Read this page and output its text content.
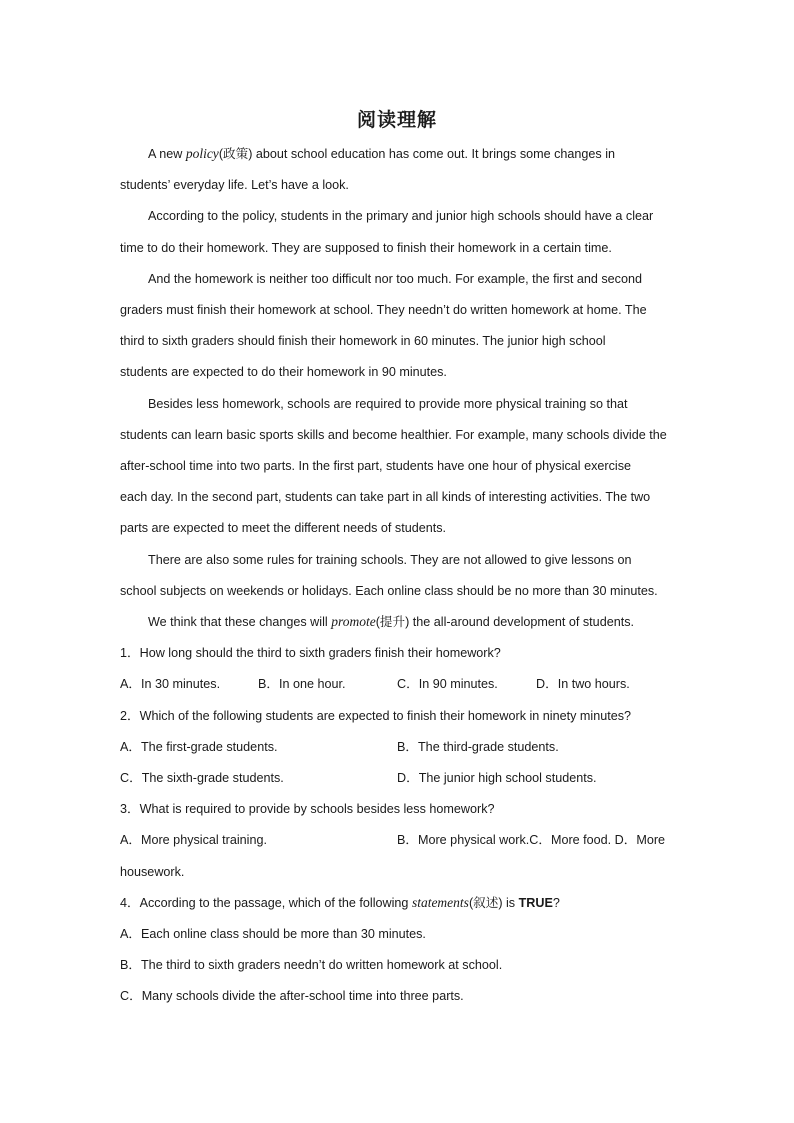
阅读理解
A new policy(政策) about school education has come out. It brings some changes in
students’ everyday life. Let’s have a look.
According to the policy, students in the primary and junior high schools should have a clear
time to do their homework. They are supposed to finish their homework in a certain time.
And the homework is neither too difficult nor too much. For example, the first and second
graders must finish their homework at school. They needn’t do written homework at home. The
third to sixth graders should finish their homework in 60 minutes. The junior high school
students are expected to do their homework in 90 minutes.
Besides less homework, schools are required to provide more physical training so that
students can learn basic sports skills and become healthier. For example, many schools divide the
after-school time into two parts. In the first part, students have one hour of physical exercise
each day. In the second part, students can take part in all kinds of interesting activities. The two
parts are expected to meet the different needs of students.
There are also some rules for training schools. They are not allowed to give lessons on
school subjects on weekends or holidays. Each online class should be no more than 30 minutes.
We think that these changes will promote(提升) the all-around development of students.
1．How long should the third to sixth graders finish their homework?
A．In 30 minutes.	B．In one hour.	C．In 90 minutes.	D．In two hours.
2．Which of the following students are expected to finish their homework in ninety minutes?
A．The first-grade students.	B．The third-grade students.
C．The sixth-grade students.	D．The junior high school students.
3．What is required to provide by schools besides less homework?
A．More physical training.	B．More physical work.C．More food. D．More
housework.
4．According to the passage, which of the following statements(叙述) is TRUE?
A．Each online class should be more than 30 minutes.
B．The third to sixth graders needn’t do written homework at school.
C．Many schools divide the after-school time into three parts.
